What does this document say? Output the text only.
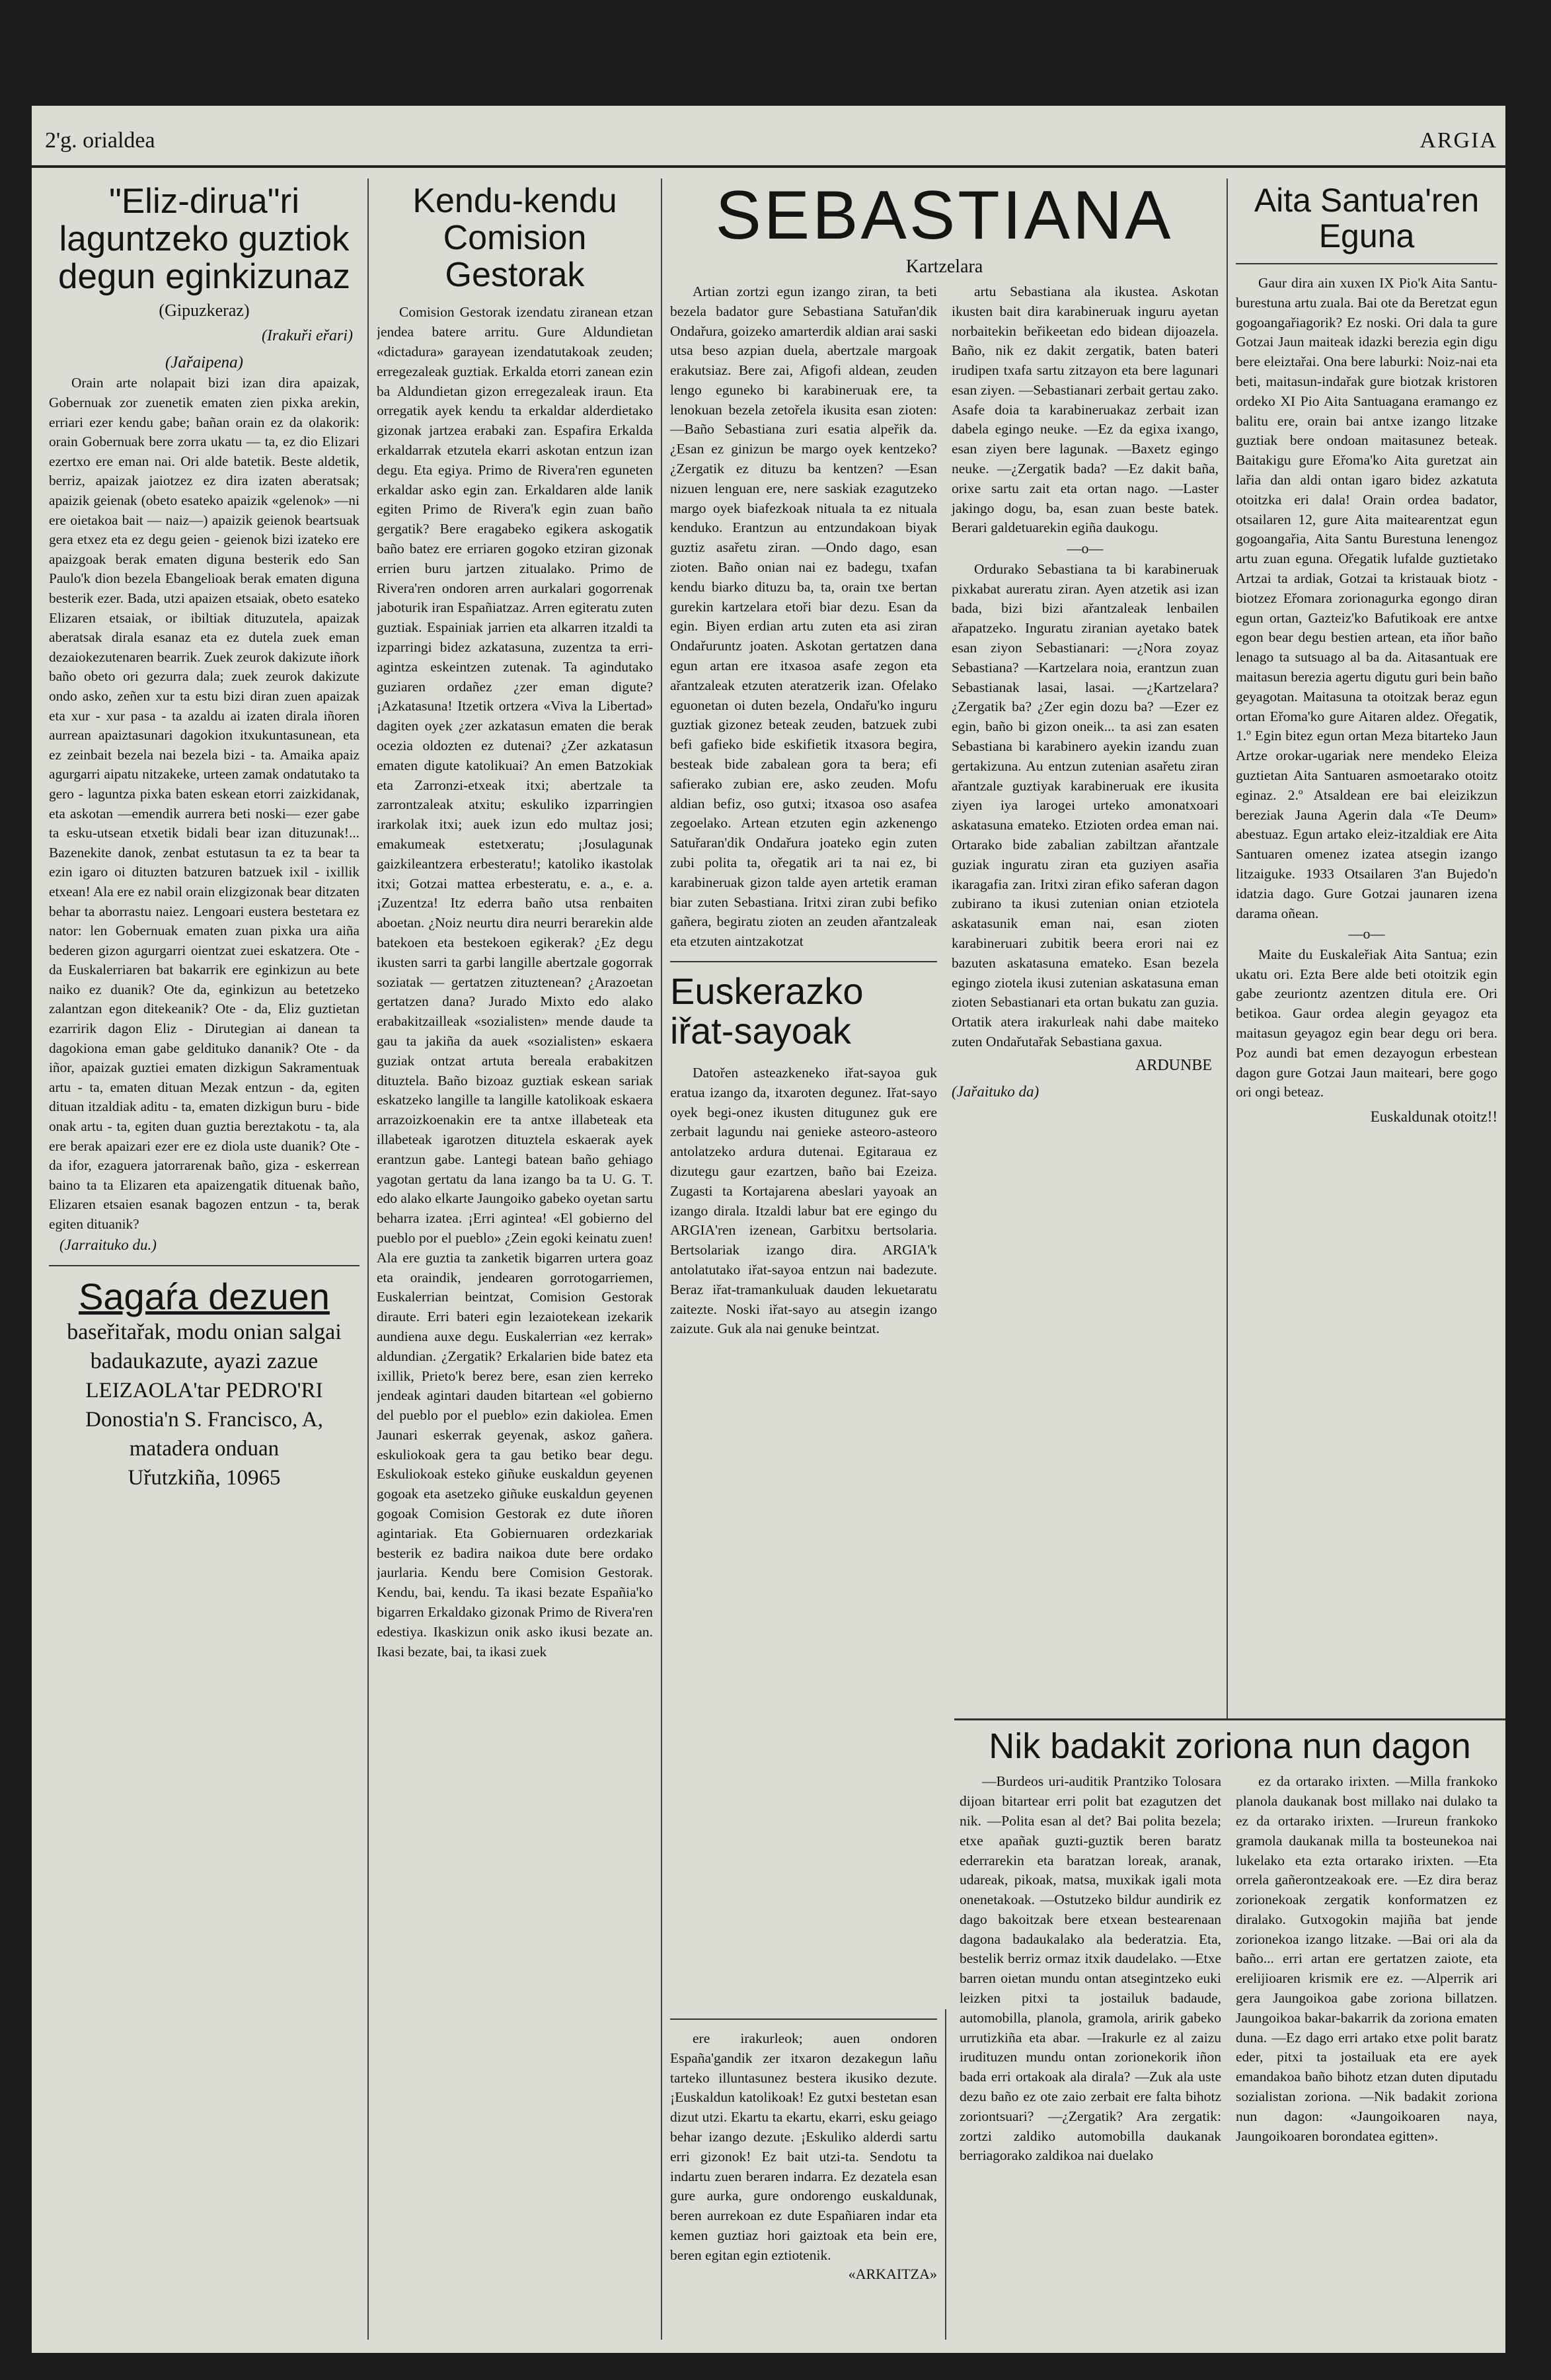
2'g. orialdea	ARGIA
"Eliz-dirua"ri laguntzeko guztiok degun eginkizunaz
(Gipuzkeraz)
(Irakuři eřari)
(Jařaipena)

Orain arte nolapait bizi izan dira apaizak, Gobernuak zor zuenetik ematen zien pixka arekin, erriari ezer kendu gabe; bañan orain ez da olakorik: orain Gobernuak bere zorra ukatu — ta, ez dio Elizari ezertxo ere eman nai. Ori alde batetik. Beste aldetik, berriz, apaizak jaiotzez ez dira izaten aberatsak; apaizik geienak (obeto esateko apaizik «gelenok» —ni ere oietakoa bait — naiz—) apaizik geienok beartsuak gera etxez eta ez degu geien - geienok bizi izateko ere apaizgoak berak ematen diguna besterik edo San Paulo'k dion bezela Ebangelioak berak ematen diguna besterik ezer. Bada, utzi apaizen etsaiak, obeto esateko Elizaren etsaiak, or ibiltiak dituzutela, apaizak aberatsak dirala esanaz eta ez dutela zuek eman dezaiokezutenaren bearrik. Zuek zeurok dakizute iñork baño obeto ori gezurra dala; zuek zeurok dakizute ondo asko, zeñen xur ta estu bizi diran zuen apaizak eta xur - xur pasa - ta azaldu ai izaten dirala iñoren aurrean apaiztasunari dagokion itxukuntasunean, eta ez zeinbait bezela nai bezela bizi - ta. Amaika apaiz agurgarri aipatu nitzakeke, urteen zamak ondatutako ta gero - laguntza pixka baten eskean etorri zaizkidanak, eta askotan —emendik aurrera beti noski— ezer gabe ta esku-utsean etxetik bidali bear izan dituzunak!... Bazenekite danok, zenbat estutasun ta ez ta bear ta ezin igaro oi dituzten batzuren batzuek ixil - ixillik etxean! Ala ere ez nabil orain elizgizonak bear ditzaten behar ta aborrastu naiez. Lengoari eustera bestetara ez nator: len Gobernuak ematen zuan pixka ura aiña bederen gizon agurgarri oientzat zuei eskatzera. Ote - da Euskalerriaren bat bakarrik ere eginkizun au bete naiko ez duanik? Ote da, eginkizun au betetzeko zalantzan egon ditekeanik? Ote - da, Eliz guztietan ezarririk dagon Eliz - Dirutegian ai danean ta dagokiona eman gabe geldituko dananik? Ote - da iñor, apaizak guztiei ematen dizkigun Sakramentuak artu - ta, ematen dituan Mezak entzun - da, egiten dituan itzaldiak aditu - ta, ematen dizkigun buru - bide onak artu - ta, egiten duan guztia bereztakotu - ta, ala ere berak apaizari ezer ere ez diola uste duanik? Ote - da ifor, ezaguera jatorrarenak baño, giza - eskerrean baino ta ta Elizaren eta apaizengatik dituenak baño, Elizaren etsaien esanak bagozen entzun - ta, berak egiten dituanik?

(Jarraituko du.)
Sagaŕa dezuen
baseřitařak, modu onian salgai badaukazute, ayazi zazue
LEIZAOLA'tar PEDRO'RI
Donostia'n S. Francisco, A, matadera onduan
Uřutzkiña, 10965
Kendu-kendu Comision Gestorak

Comision Gestorak izendatu ziranean etzan jendea batere arritu. Gure Aldundietan «dictadura» garayean izendatutakoak zeuden; erregezaleak guztiak. Erkalda etorri zanean ezin ba Aldundietan gizon erregezaleak iraun. Eta orregatik ayek kendu ta erkaldar alderdietako gizonak jartzea erabaki zan. Espafira Erkalda erkaldarrak etzutela ekarri askotan entzun izan degu. Eta egiya. Primo de Rivera'ren eguneten erkaldar asko egin zan. Erkaldaren alde lanik egiten Primo de Rivera'k egin zuan baño gergatik? Bere eragabeko egikera askogatik baño batez ere erriaren gogoko etziran gizonak errien buru jartzen zitualako. Primo de Rivera'ren ondoren arren aurkalari gogorrenak jaboturik iran Españiatzaz. Arren egiteratu zuten guztiak. Espainiak jarrien eta alkarren itzaldi ta izparringi bidez azkatasuna, zuzentza ta erri-agintza eskeintzen zutenak. Ta agindutako guziaren ordañez ¿zer eman digute? ¡Azkatasuna! Itzetik ortzera «Viva la Libertad» dagiten oyek ¿zer azkatasun ematen die berak ocezia oldozten ez dutenai? ¿Zer azkatasun ematen digute katolikuai? An emen Batzokiak eta Zarronzi-etxeak itxi; abertzale ta zarrontzaleak atxitu; eskuliko izparringien irarkolak itxi; auek izun edo multaz josi; emakumeak estetxeratu; ¡Josulagunak gaizkileantzera erbesteratu!; katoliko ikastolak itxi; Gotzai mattea erbesteratu, e. a., e. a. ¡Zuzentza! Itz ederra baño utsa renbaiten aboetan. ¿Noiz neurtu dira neurri berarekin alde batekoen eta bestekoen egikerak? ¿Ez degu ikusten sarri ta garbi langille abertzale gogorrak soziatak — gertatzen zituztenean? ¿Arazoetan gertatzen dana? Jurado Mixto edo alako erabakitzailleak «sozialisten» mende daude ta gau ta jakiña da auek «sozialisten» eskaera guziak ontzat artuta bereala erabakitzen dituztela. Baño bizoaz guztiak eskean sariak eskatzeko langille ta langille katolikoak eskaera arrazoizkoenakin ere ta antxe illabeteak eta illabeteak igarotzen dituztela eskaerak ayek erantzun gabe. Lantegi batean baño gehiago yagotan gertatu da lana izango ba ta U. G. T. edo alako elkarte Jaungoiko gabeko oyetan sartu beharra izatea. ¡Erri agintea! «El gobierno del pueblo por el pueblo» ¿Zein egoki keinatu zuen! Ala ere guztia ta zanketik bigarren urtera goaz eta oraindik, jendearen gorrotogarriemen, Euskalerrian beintzat, Comision Gestorak diraute. Erri bateri egin lezaiotekean izekarik aundiena auxe degu. Euskalerrian «ez kerrak» aldundian. ¿Zergatik? Erkalarien bide batez eta ixillik, Prieto'k berez bere, esan zien kerreko jendeak agintari dauden bitartean «el gobierno del pueblo por el pueblo» ezin dakiolea. Emen Jaunari eskerrak geyenak, askoz gañera. eskuliokoak gera ta gau betiko bear degu. Eskuliokoak esteko giñuke euskaldun geyenen gogoak eta asetzeko giñuke euskaldun geyenen gogoak Comision Gestorak ez dute iñoren agintariak. Eta Gobiernuaren ordezkariak besterik ez badira naikoa dute bere ordako jaurlaria. Kendu bere Comision Gestorak. Kendu, bai, kendu. Ta ikasi bezate Españia'ko bigarren Erkaldako gizonak Primo de Rivera'ren edestiya. Ikaskizun onik asko ikusi bezate an. Ikasi bezate, bai, ta ikasi zuek

SEBASTIANA
Kartzelara

Artian zortzi egun izango ziran, ta beti bezela badator gure Sebastiana Satuřan'dik Ondařura, goizeko amarterdik aldian arai saski utsa beso azpian duela, abertzale margoak erakutsiaz. Bere zai, Afigofi aldean, zeuden lengo eguneko bi karabineruak ere, ta lenokuan bezela zetořela ikusita esan zioten: —Baño Sebastiana zuri esatia alpeřik da. ¿Esan ez ginizun be margo oyek kentzeko? ¿Zergatik ez dituzu ba kentzen? —Esan nizuen lenguan ere, nere saskiak ezagutzeko margo oyek biafezkoak nituala ta ez nituala kenduko. Erantzun au entzundakoan biyak guztiz asařetu ziran. —Ondo dago, esan zioten. Baño onian nai ez badegu, txafan kendu biarko dituzu ba, ta, orain txe bertan gurekin kartzelara etoři biar dezu. Esan da egin. Biyen erdian artu zuten eta asi ziran Ondařuruntz joaten. Askotan gertatzen dana egun artan ere itxasoa asafe zegon eta ařantzaleak etzuten ateratzerik izan. Ofelako eguonetan oi duten bezela, Ondařu'ko inguru guztiak gizonez beteak zeuden, batzuek zubi befi gafieko bide eskifietik itxasora begira, besteak bide zabalean gora ta bera; efi safierako zubian ere, asko zeuden. Mofu aldian befiz, oso gutxi; itxasoa oso asafea zegoelako. Artean etzuten egin azkenengo Satuřaran'dik Ondařura joateko egin zuten zubi polita ta, ořegatik ari ta nai ez, bi karabineruak gizon talde ayen artetik eraman biar zuten Sebastiana. Iritxi ziran zubi befiko gañera, begiratu zioten an zeuden ařantzaleak eta etzuten aintzakotzat

Euskerazko iřat-sayoak

Datořen asteazkeneko iřat-sayoa guk eratua izango da, itxaroten degunez. Iřat-sayo oyek begi-onez ikusten ditugunez guk ere zerbait lagundu nai genieke asteoro-asteoro antolatzeko ardura dutenai. Egitaraua ez dizutegu gaur ezartzen, baño bai Ezeiza. Zugasti ta Kortajarena abeslari yayoak an izango dirala. Itzaldi labur bat ere egingo du ARGIA'ren izenean, Garbitxu bertsolaria. Bertsolariak izango dira. ARGIA'k antolatutako iřat-sayoa entzun nai badezute. Beraz iřat-tramankuluak dauden lekuetaratu zaitezte. Noski iřat-sayo au atsegin izango zaizute. Guk ala nai genuke beintzat.

artu Sebastiana ala ikustea. Askotan ikusten bait dira karabineruak inguru ayetan norbaitekin beřikeetan edo bidean dijoazela. Baño, nik ez dakit zergatik, baten bateri irudipen txafa sartu zitzayon eta bere lagunari esan ziyen. —Sebastianari zerbait gertau zako. Asafe doia ta karabineruakaz zerbait izan dabela egingo neuke. —Ez da egixa ixango, esan ziyen bere lagunak. —Baxetz egingo neuke. —¿Zergatik bada? —Ez dakit baña, orixe sartu zait eta ortan nago. —Laster jakingo dogu, ba, esan zuan beste batek. Berari galdetuarekin egiña daukogu.

—o—

Ordurako Sebastiana ta bi karabineruak pixkabat aureratu ziran. Ayen atzetik asi izan bada, bizi bizi ařantzaleak lenbailen ařapatzeko. Inguratu ziranian ayetako batek esan ziyon Sebastianari: —¿Nora zoyaz Sebastiana? —Kartzelara noia, erantzun zuan Sebastianak lasai, lasai. —¿Kartzelara? ¿Zergatik ba? ¿Zer egin dozu ba? —Ezer ez egin, baño bi gizon oneik... ta asi zan esaten Sebastiana bi karabinero ayekin izandu zuan gertakizuna. Au entzun zutenian asařetu ziran ařantzale guztiyak karabineruak ere ikusita ziyen iya larogei urteko amonatxoari askatasuna emateko. Etzioten ordea eman nai. Ortarako bide zabalian zabiltzan ařantzale guziak inguratu ziran eta guziyen asařia ikaragafia zan. Iritxi ziran efiko saferan dagon zubirano ta ikusi zutenian onian etziotela askatasunik eman nai, esan zioten karabineruari zubitik beera erori nai ez bazuten askatasuna emateko. Esan bezela egingo ziotela ikusi zutenian askatasuna eman zioten Sebastianari eta ortan bukatu zan guzia. Ortatik atera irakurleak nahi dabe maiteko zuten Ondařutařak Sebastiana gaxua.

ARDUNBE
(Jařaituko da)
Aita Santua'ren Eguna

Gaur dira ain xuxen IX Pio'k Aita Santu-burestuna artu zuala. Bai ote da Beretzat egun gogoangařiagorik? Ez noski. Ori dala ta gure Gotzai Jaun maiteak idazki berezia egin digu bere eleiztařai. Ona bere laburki: Noiz-nai eta beti, maitasun-indařak gure biotzak kristoren ordeko XI Pio Aita Santuagana eramango ez balitu ere, orain bai antxe izango litzake guztiak bere ondoan maitasunez beteak. Baitakigu gure Eřoma'ko Aita guretzat ain lařia dan aldi ontan igaro bidez azkatuta otoitzka eri dala! Orain ordea badator, otsailaren 12, gure Aita maitearentzat egun gogoangařia, Aita Santu Burestuna lenengoz artu zuan eguna. Ořegatik lufalde guztietako Artzai ta ardiak, Gotzai ta kristauak biotz - biotzez Eřomara zorionagurka egongo diran egun ortan, Gazteiz'ko Bafutikoak ere antxe egon bear degu bestien artean, eta iňor baño lenago ta sutsuago al ba da. Aitasantuak ere maitasun berezia agertu digutu guri bein baño geyagotan. Maitasuna ta otoitzak beraz egun ortan Eřoma'ko gure Aitaren aldez. Ořegatik, 1.º Egin bitez egun ortan Meza bitarteko Jaun Artze orokar-ugariak nere mendeko Eleiza guztietan Aita Santuaren asmoetarako otoitz eginaz. 2.º Atsaldean ere bai eleizikzun bereziak Jauna Agerin dala «Te Deum» abestuaz. Egun artako eleiz-itzaldiak ere Aita Santuaren omenez izatea atsegin izango litzaiguke. 1933 Otsailaren 3'an Bujedo'n idatzia dago. Gure Gotzai jaunaren izena darama oñean.

—o—

Maite du Euskaleřiak Aita Santua; ezin ukatu ori. Ezta Bere alde beti otoitzik egin gabe zeuriontz azentzen ditula ere. Ori betikoa. Gaur ordea alegin geyagoz eta maitasun geyagoz egin bear degu ori bera. Poz aundi bat emen dezayogun erbestean dagon gure Gotzai Jaun maiteari, bere gogo ori ongi beteaz.

Euskaldunak otoitz!!
Nik badakit zoriona nun dagon

—Burdeos uri-auditik Prantziko Tolosara dijoan bitartear erri polit bat ezagutzen det nik. —Polita esan al det? Bai polita bezela; etxe apañak guzti-guztik beren baratz ederrarekin eta baratzan loreak, aranak, udareak, pikoak, matsa, muxikak igali mota onenetakoak. —Ostutzeko bildur aundirik ez dago bakoitzak bere etxean bestearenaan dagona badaukalako ala bederatzia. Eta, bestelik berriz ormaz itxik daudelako. —Etxe barren oietan mundu ontan atsegintzeko euki leizken pitxi ta jostailuk badaude, automobilla, planola, gramola, aririk gabeko urrutizkiña eta abar. —Irakurle ez al zaizu irudituzen mundu ontan zorionekorik iñon bada erri ortakoak ala dirala? —Zuk ala uste dezu baño ez ote zaio zerbait ere falta bihotz zoriontsuari? —¿Zergatik? Ara zergatik: zortzi zaldiko automobilla daukanak berriagorako zaldikoa nai duelako

ez da ortarako irixten. —Milla frankoko planola daukanak bost millako nai dulako ta ez da ortarako irixten. —Irureun frankoko gramola daukanak milla ta bosteunekoa nai lukelako eta ezta ortarako irixten. —Eta orrela gañerontzeakoak ere. —Ez dira beraz zorionekoak zergatik konformatzen ez diralako. Gutxogokin majiña bat jende zorionekoa izango litzake. —Bai ori ala da baño... erri artan ere gertatzen zaiote, eta erelijioaren krismik ere ez. —Alperrik ari gera Jaungoikoa gabe zoriona billatzen. Jaungoikoa bakar-bakarrik da zoriona ematen duna. —Ez dago erri artako etxe polit baratz eder, pitxi ta jostailuak eta ere ayek emandakoa baño bihotz etzan duten diputadu sozialistan zoriona. —Nik badakit zoriona nun dagon: «Jaungoikoaren naya, Jaungoikoaren borondatea egitten».

ere irakurleok; auen ondoren España'gandik zer itxaron dezakegun lañu tarteko illuntasunez bestera ikusiko dezute. ¡Euskaldun katolikoak! Ez gutxi bestetan esan dizut utzi. Ekartu ta ekartu, ekarri, esku geiago behar izango dezute. ¡Eskuliko alderdi sartu erri gizonok! Ez bait utzi-ta. Sendotu ta indartu zuen beraren indarra. Ez dezatela esan gure aurka, gure ondorengo euskaldunak, beren aurrekoan ez dute Españiaren indar eta kemen guztiaz hori gaiztoak eta bein ere, beren egitan egin eztiotenik.

«ARKAITZA»
